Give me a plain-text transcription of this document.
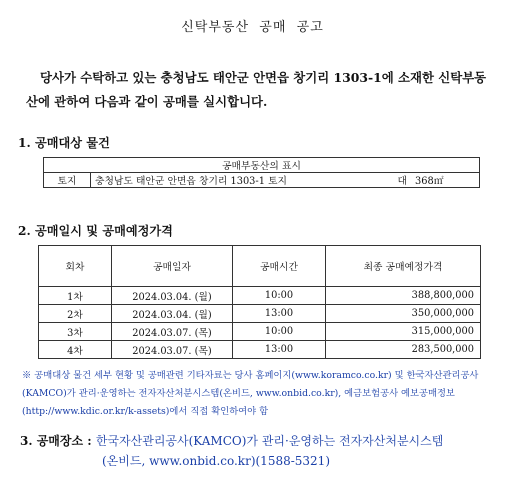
신탁부동산  공매  공고
당사가 수탁하고 있는 충청남도 태안군 안면읍 창기리 1303-1에 소재한 신탁부동산에 관하여 다음과 같이 공매를 실시합니다.
1. 공매대상 물건
공매부동산의 표시
토지	충청남도 태안군 안면읍 창기리 1303-1 토지	대	368㎡
2. 공매일시 및 공매예정가격
회차	공매일자	공매시간	최종 공매예정가격
1차	2024.03.04. (월)	10:00	388,800,000
2차	2024.03.04. (월)	13:00	350,000,000
3차	2024.03.07. (목)	10:00	315,000,000
4차	2024.03.07. (목)	13:00	283,500,000
※ 공매대상 물건 세부 현황 및 공매관련 기타자료는 당사 홈페이지(www.koramco.co.kr) 및 한국자산관리공사(KAMCO)가 관리·운영하는 전자자산처분시스템(온비드, www.onbid.co.kr), 예금보험공사 예보공매정보(http://www.kdic.or.kr/k-assets)에서 직접 확인하여야 함
3. 공매장소 : 한국자산관리공사(KAMCO)가 관리·운영하는 전자자산처분시스템
(온비드, www.onbid.co.kr)(1588-5321)
